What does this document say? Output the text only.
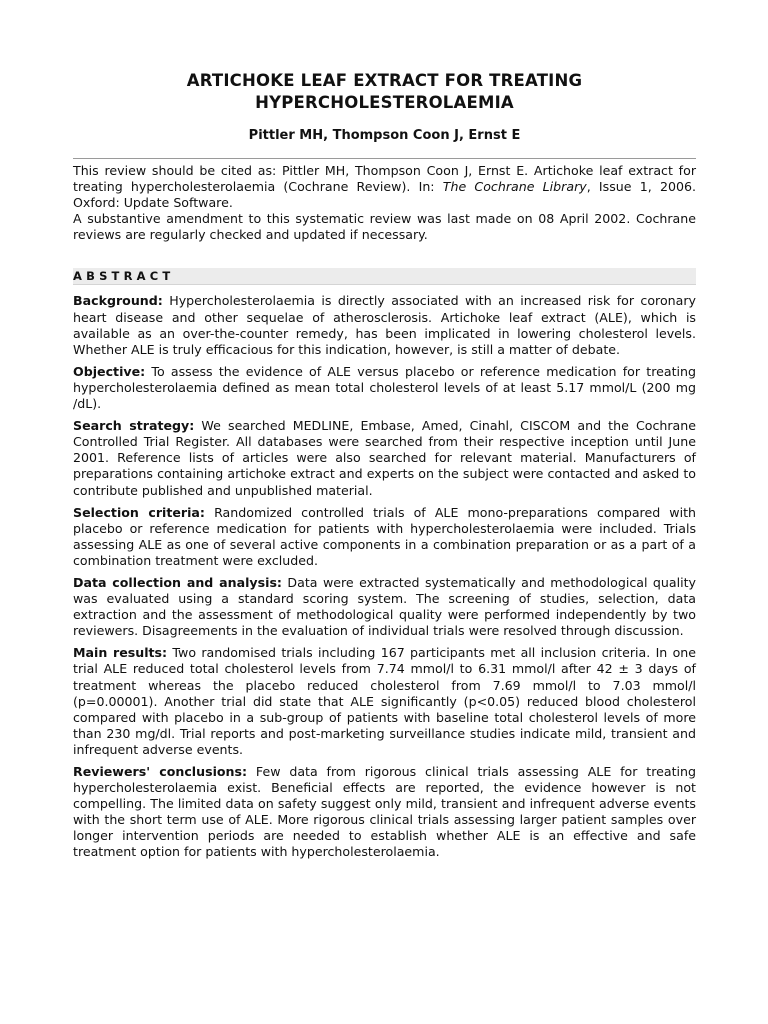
ARTICHOKE LEAF EXTRACT FOR TREATING
HYPERCHOLESTEROLAEMIA
Pittler MH, Thompson Coon J, Ernst E

This review should be cited as: Pittler MH, Thompson Coon J, Ernst E. Artichoke leaf extract for treating hypercholesterolaemia (Cochrane Review). In: The Cochrane Library, Issue 1, 2006. Oxford: Update Software.

A substantive amendment to this systematic review was last made on 08 April 2002. Cochrane reviews are regularly checked and updated if necessary.

ABSTRACT

Background: Hypercholesterolaemia is directly associated with an increased risk for coronary heart disease and other sequelae of atherosclerosis. Artichoke leaf extract (ALE), which is available as an over-the-counter remedy, has been implicated in lowering cholesterol levels. Whether ALE is truly efficacious for this indication, however, is still a matter of debate.

Objective: To assess the evidence of ALE versus placebo or reference medication for treating hypercholesterolaemia defined as mean total cholesterol levels of at least 5.17 mmol/L (200 mg /dL).

Search strategy: We searched MEDLINE, Embase, Amed, Cinahl, CISCOM and the Cochrane Controlled Trial Register. All databases were searched from their respective inception until June 2001. Reference lists of articles were also searched for relevant material. Manufacturers of preparations containing artichoke extract and experts on the subject were contacted and asked to contribute published and unpublished material.

Selection criteria: Randomized controlled trials of ALE mono-preparations compared with placebo or reference medication for patients with hypercholesterolaemia were included. Trials assessing ALE as one of several active components in a combination preparation or as a part of a combination treatment were excluded.

Data collection and analysis: Data were extracted systematically and methodological quality was evaluated using a standard scoring system. The screening of studies, selection, data extraction and the assessment of methodological quality were performed independently by two reviewers. Disagreements in the evaluation of individual trials were resolved through discussion.

Main results: Two randomised trials including 167 participants met all inclusion criteria. In one trial ALE reduced total cholesterol levels from 7.74 mmol/l to 6.31 mmol/l after 42 ± 3 days of treatment whereas the placebo reduced cholesterol from 7.69 mmol/l to 7.03 mmol/l (p=0.00001). Another trial did state that ALE significantly (p<0.05) reduced blood cholesterol compared with placebo in a sub-group of patients with baseline total cholesterol levels of more than 230 mg/dl. Trial reports and post-marketing surveillance studies indicate mild, transient and infrequent adverse events.

Reviewers' conclusions: Few data from rigorous clinical trials assessing ALE for treating hypercholesterolaemia exist. Beneficial effects are reported, the evidence however is not compelling. The limited data on safety suggest only mild, transient and infrequent adverse events with the short term use of ALE. More rigorous clinical trials assessing larger patient samples over longer intervention periods are needed to establish whether ALE is an effective and safe treatment option for patients with hypercholesterolaemia.
